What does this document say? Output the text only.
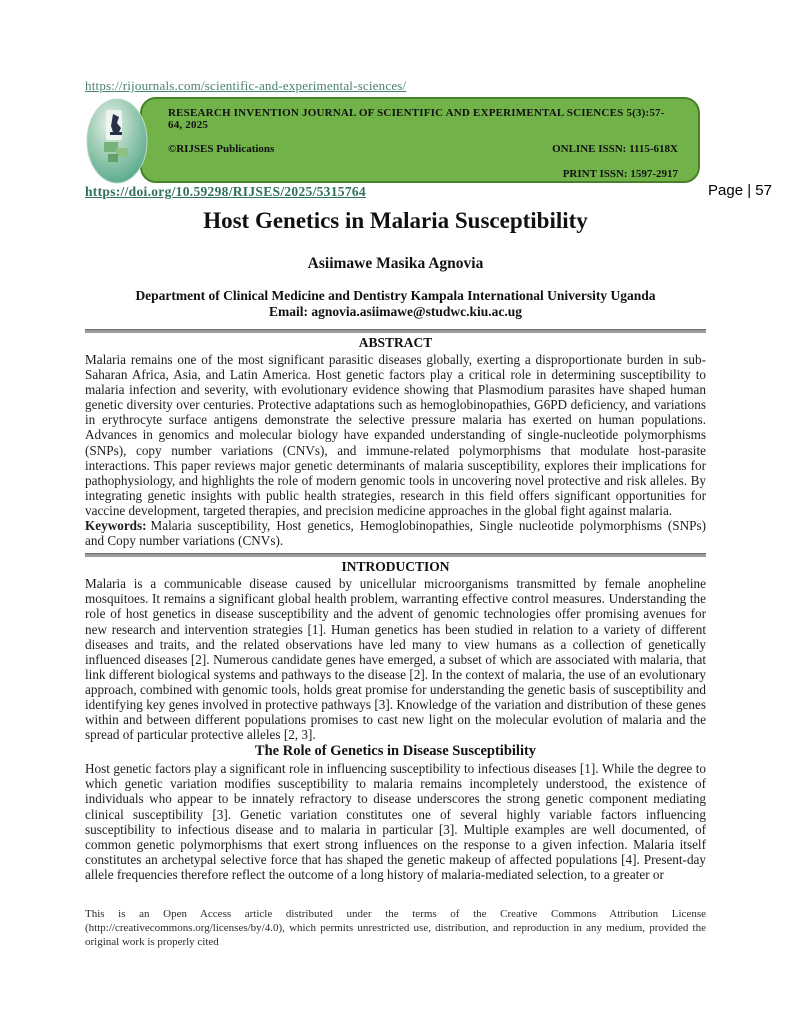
https://rijournals.com/scientific-and-experimental-sciences/
RESEARCH INVENTION JOURNAL OF SCIENTIFIC AND EXPERIMENTAL SCIENCES 5(3):57-64, 2025
©RIJSES Publications	ONLINE ISSN: 1115-618X
PRINT ISSN: 1597-2917
https://doi.org/10.59298/RIJSES/2025/5315764	Page | 57
Host Genetics in Malaria Susceptibility
Asiimawe Masika Agnovia
Department of Clinical Medicine and Dentistry Kampala International University Uganda
Email: agnovia.asiimawe@studwc.kiu.ac.ug
ABSTRACT

Malaria remains one of the most significant parasitic diseases globally, exerting a disproportionate burden in sub-Saharan Africa, Asia, and Latin America. Host genetic factors play a critical role in determining susceptibility to malaria infection and severity, with evolutionary evidence showing that Plasmodium parasites have shaped human genetic diversity over centuries. Protective adaptations such as hemoglobinopathies, G6PD deficiency, and variations in erythrocyte surface antigens demonstrate the selective pressure malaria has exerted on human populations. Advances in genomics and molecular biology have expanded understanding of single-nucleotide polymorphisms (SNPs), copy number variations (CNVs), and immune-related polymorphisms that modulate host-parasite interactions. This paper reviews major genetic determinants of malaria susceptibility, explores their implications for pathophysiology, and highlights the role of modern genomic tools in uncovering novel protective and risk alleles. By integrating genetic insights with public health strategies, research in this field offers significant opportunities for vaccine development, targeted therapies, and precision medicine approaches in the global fight against malaria.

Keywords: Malaria susceptibility, Host genetics, Hemoglobinopathies, Single nucleotide polymorphisms (SNPs) and Copy number variations (CNVs).

INTRODUCTION

Malaria is a communicable disease caused by unicellular microorganisms transmitted by female anopheline mosquitoes. It remains a significant global health problem, warranting effective control measures. Understanding the role of host genetics in disease susceptibility and the advent of genomic technologies offer promising avenues for new research and intervention strategies [1]. Human genetics has been studied in relation to a variety of different diseases and traits, and the related observations have led many to view humans as a collection of genetically influenced diseases [2]. Numerous candidate genes have emerged, a subset of which are associated with malaria, that link different biological systems and pathways to the disease [2]. In the context of malaria, the use of an evolutionary approach, combined with genomic tools, holds great promise for understanding the genetic basis of susceptibility and identifying key genes involved in protective pathways [3]. Knowledge of the variation and distribution of these genes within and between different populations promises to cast new light on the molecular evolution of malaria and the spread of particular protective alleles [2, 3].

The Role of Genetics in Disease Susceptibility

Host genetic factors play a significant role in influencing susceptibility to infectious diseases [1]. While the degree to which genetic variation modifies susceptibility to malaria remains incompletely understood, the existence of individuals who appear to be innately refractory to disease underscores the strong genetic component mediating clinical susceptibility [3]. Genetic variation constitutes one of several highly variable factors influencing susceptibility to infectious disease and to malaria in particular [3]. Multiple examples are well documented, of common genetic polymorphisms that exert strong influences on the response to a given infection. Malaria itself constitutes an archetypal selective force that has shaped the genetic makeup of affected populations [4]. Present-day allele frequencies therefore reflect the outcome of a long history of malaria-mediated selection, to a greater or

This is an Open Access article distributed under the terms of the Creative Commons Attribution License (http://creativecommons.org/licenses/by/4.0), which permits unrestricted use, distribution, and reproduction in any medium, provided the original work is properly cited
